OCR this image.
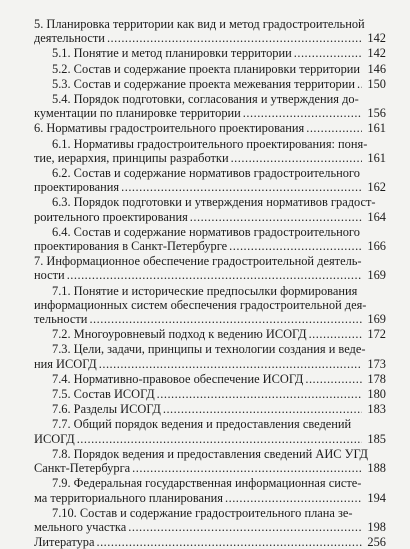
5. Планировка территории как вид и метод градостроительной
деятельности .....	142
5.1. Понятие и метод планировки территории .....	142
5.2. Состав и содержание проекта планировки территории 146
5.3. Состав и содержание проекта межевания территории ..... 150
5.4. Порядок подготовки, согласования и утверждения до-
кументации по планировке территории .....	156
6. Нормативы градостроительного проектирования .....	161
6.1. Нормативы градостроительного проектирования: поня-
тие, иерархия, принципы разработки .....	161
6.2. Состав и содержание нормативов градостроительного
проектирования .....	162
6.3. Порядок подготовки и утверждения нормативов градост-
роительного проектирования .....	164
6.4. Состав и содержание нормативов градостроительного
проектирования в Санкт-Петербурге .....	166
7. Информационное обеспечение градостроительной деятель-
ности .....	169
7.1. Понятие и исторические предпосылки формирования
информационных систем обеспечения градостроительной дея-
тельности .....	169
7.2. Многоуровневый подход к ведению ИСОГД .....	172
7.3. Цели, задачи, принципы и технологии создания и веде-
ния ИСОГД .....	173
7.4. Нормативно-правовое обеспечение ИСОГД .....	178
7.5. Состав ИСОГД .....	180
7.6. Разделы ИСОГД .....	183
7.7. Общий порядок ведения и предоставления сведений
ИСОГД .....	185
7.8. Порядок ведения и предоставления сведений АИС УГД
Санкт-Петербурга .....	188
7.9. Федеральная государственная информационная систе-
ма территориального планирования .....	194
7.10. Состав и содержание градостроительного плана зе-
мельного участка .....	198
Литература .....	256
